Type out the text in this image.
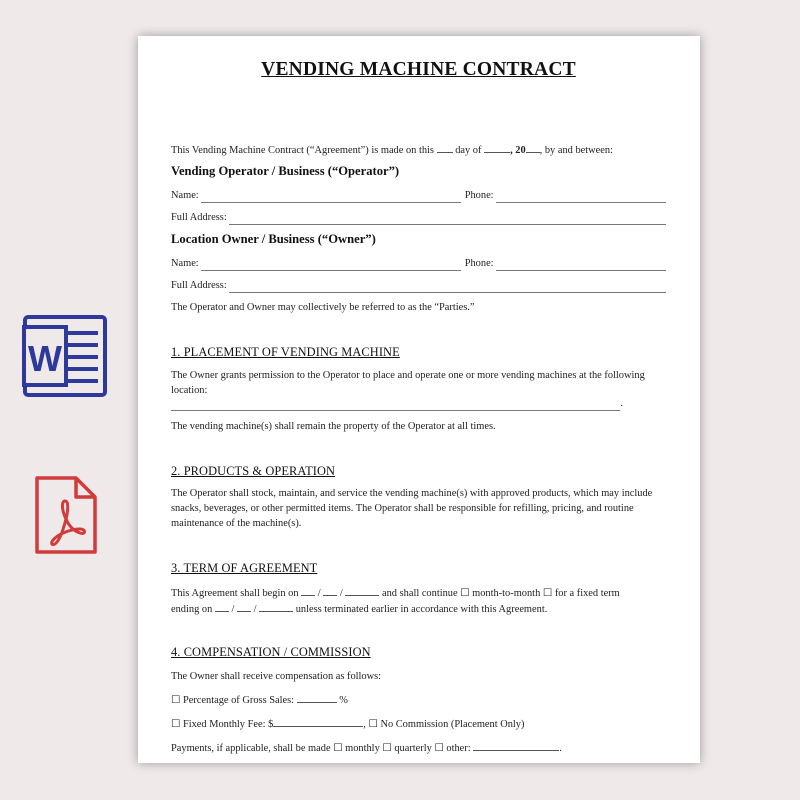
W
VENDING MACHINE CONTRACT
This Vending Machine Contract (“Agreement”) is made on this day of	, 20 , by and between:
Vending Operator / Business (“Operator”)
Name:	Phone:
Full Address:
Location Owner / Business (“Owner”)
Name:	Phone:
Full Address:
The Operator and Owner may collectively be referred to as the “Parties.”
1. PLACEMENT OF VENDING MACHINE
The Owner grants permission to the Operator to place and operate one or more vending machines at the following location:
.
The vending machine(s) shall remain the property of the Operator at all times.
2. PRODUCTS & OPERATION
The Operator shall stock, maintain, and service the vending machine(s) with approved products, which may include snacks, beverages, or other permitted items. The Operator shall be responsible for refilling, pricing, and routine maintenance of the machine(s).
3. TERM OF AGREEMENT
This Agreement shall begin on / /	and shall continue ☐ month-to-month ☐ for a fixed term
ending on / /	unless terminated earlier in accordance with this Agreement.
4. COMPENSATION / COMMISSION
The Owner shall receive compensation as follows:
☐ Percentage of Gross Sales:	%
☐ Fixed Monthly Fee: $	, ☐ No Commission (Placement Only)
Payments, if applicable, shall be made ☐ monthly ☐ quarterly ☐ other:	.
